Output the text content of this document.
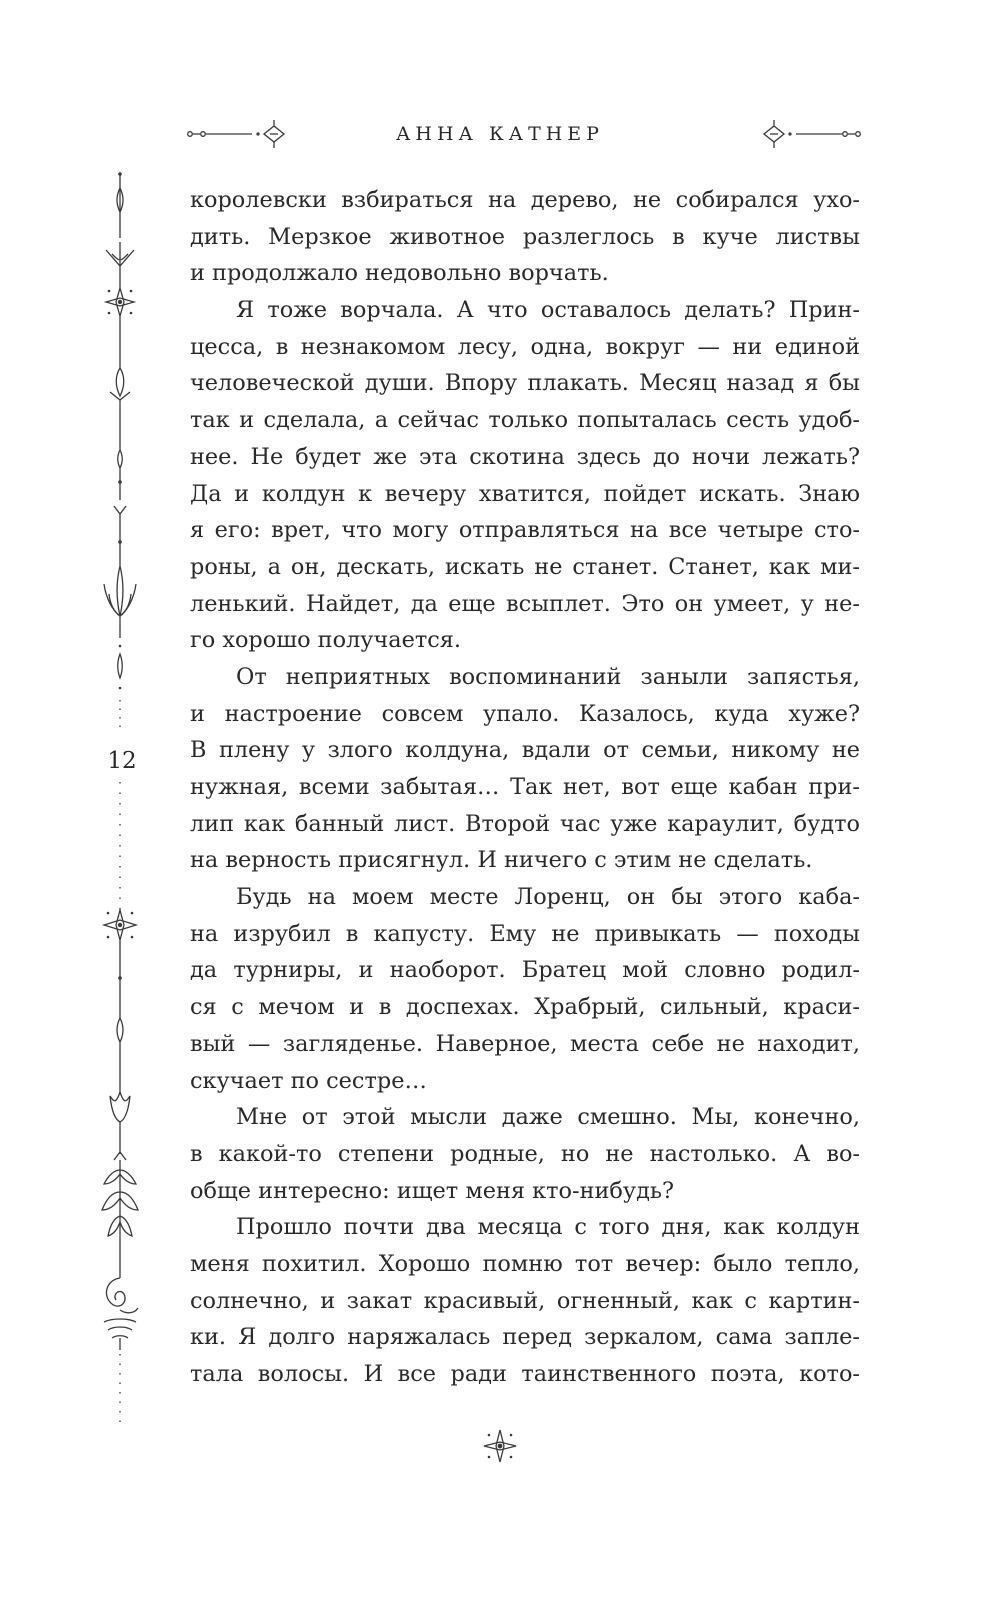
АННА КАТНЕР
12
королевски взбираться на дерево, не собирался ухо-
дить. Мерзкое животное разлеглось в куче листвы
и продолжало недовольно ворчать.
Я тоже ворчала. А что оставалось делать? Прин-
цесса, в незнакомом лесу, одна, вокруг — ни единой
человеческой души. Впору плакать. Месяц назад я бы
так и сделала, а сейчас только попыталась сесть удоб-
нее. Не будет же эта скотина здесь до ночи лежать?
Да и колдун к вечеру хватится, пойдет искать. Знаю
я его: врет, что могу отправляться на все четыре сто-
роны, а он, дескать, искать не станет. Станет, как ми-
ленький. Найдет, да еще всыплет. Это он умеет, у не-
го хорошо получается.
От неприятных воспоминаний заныли запястья,
и настроение совсем упало. Казалось, куда хуже?
В плену у злого колдуна, вдали от семьи, никому не
нужная, всеми забытая… Так нет, вот еще кабан при-
лип как банный лист. Второй час уже караулит, будто
на верность присягнул. И ничего с этим не сделать.
Будь на моем месте Лоренц, он бы этого каба-
на изрубил в капусту. Ему не привыкать — походы
да турниры, и наоборот. Братец мой словно родил-
ся с мечом и в доспехах. Храбрый, сильный, краси-
вый — загляденье. Наверное, места себе не находит,
скучает по сестре…
Мне от этой мысли даже смешно. Мы, конечно,
в какой-то степени родные, но не настолько. А во-
обще интересно: ищет меня кто-нибудь?
Прошло почти два месяца с того дня, как колдун
меня похитил. Хорошо помню тот вечер: было тепло,
солнечно, и закат красивый, огненный, как с картин-
ки. Я долго наряжалась перед зеркалом, сама запле-
тала волосы. И все ради таинственного поэта, кото-
